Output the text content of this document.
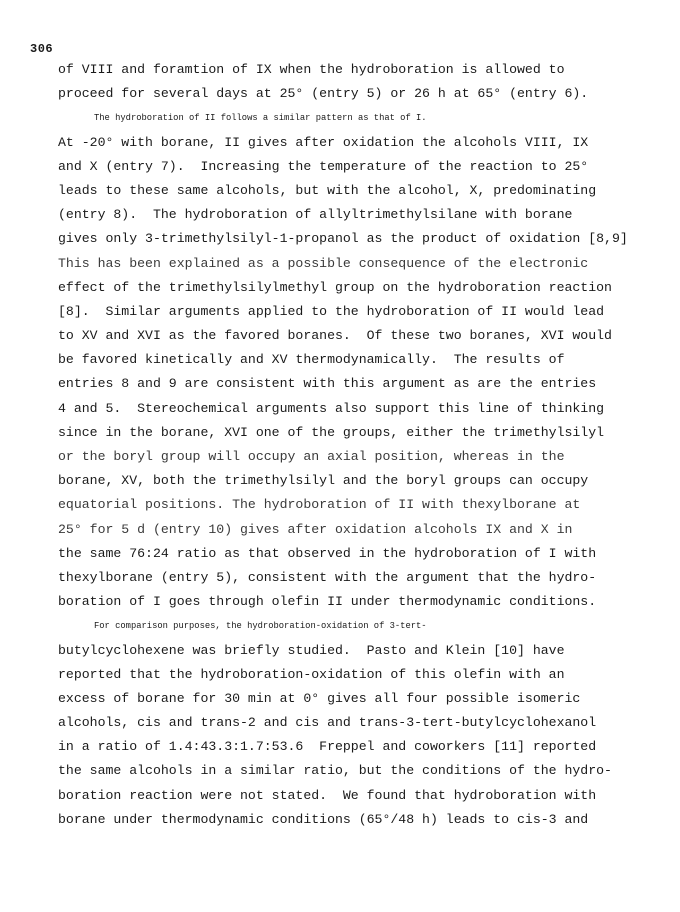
306
of VIII and foramtion of IX when the hydroboration is allowed to
proceed for several days at 25° (entry 5) or 26 h at 65° (entry 6).
The hydroboration of II follows a similar pattern as that of I.
At -20° with borane, II gives after oxidation the alcohols VIII, IX
and X (entry 7).  Increasing the temperature of the reaction to 25°
leads to these same alcohols, but with the alcohol, X, predominating
(entry 8).  The hydroboration of allyltrimethylsilane with borane
gives only 3-trimethylsilyl-1-propanol as the product of oxidation [8,9]
This has been explained as a possible consequence of the electronic
effect of the trimethylsilylmethyl group on the hydroboration reaction
[8].  Similar arguments applied to the hydroboration of II would lead
to XV and XVI as the favored boranes.  Of these two boranes, XVI would
be favored kinetically and XV thermodynamically.  The results of
entries 8 and 9 are consistent with this argument as are the entries
4 and 5.  Stereochemical arguments also support this line of thinking
since in the borane, XVI one of the groups, either the trimethylsilyl
or the boryl group will occupy an axial position, whereas in the
borane, XV, both the trimethylsilyl and the boryl groups can occupy
equatorial positions. The hydroboration of II with thexylborane at
25° for 5 d (entry 10) gives after oxidation alcohols IX and X in
the same 76:24 ratio as that observed in the hydroboration of I with
thexylborane (entry 5), consistent with the argument that the hydro-
boration of I goes through olefin II under thermodynamic conditions.
For comparison purposes, the hydroboration-oxidation of 3-tert-
butylcyclohexene was briefly studied.  Pasto and Klein [10] have
reported that the hydroboration-oxidation of this olefin with an
excess of borane for 30 min at 0° gives all four possible isomeric
alcohols, cis and trans-2 and cis and trans-3-tert-butylcyclohexanol
in a ratio of 1.4:43.3:1.7:53.6  Freppel and coworkers [11] reported
the same alcohols in a similar ratio, but the conditions of the hydro-
boration reaction were not stated.  We found that hydroboration with
borane under thermodynamic conditions (65°/48 h) leads to cis-3 and
